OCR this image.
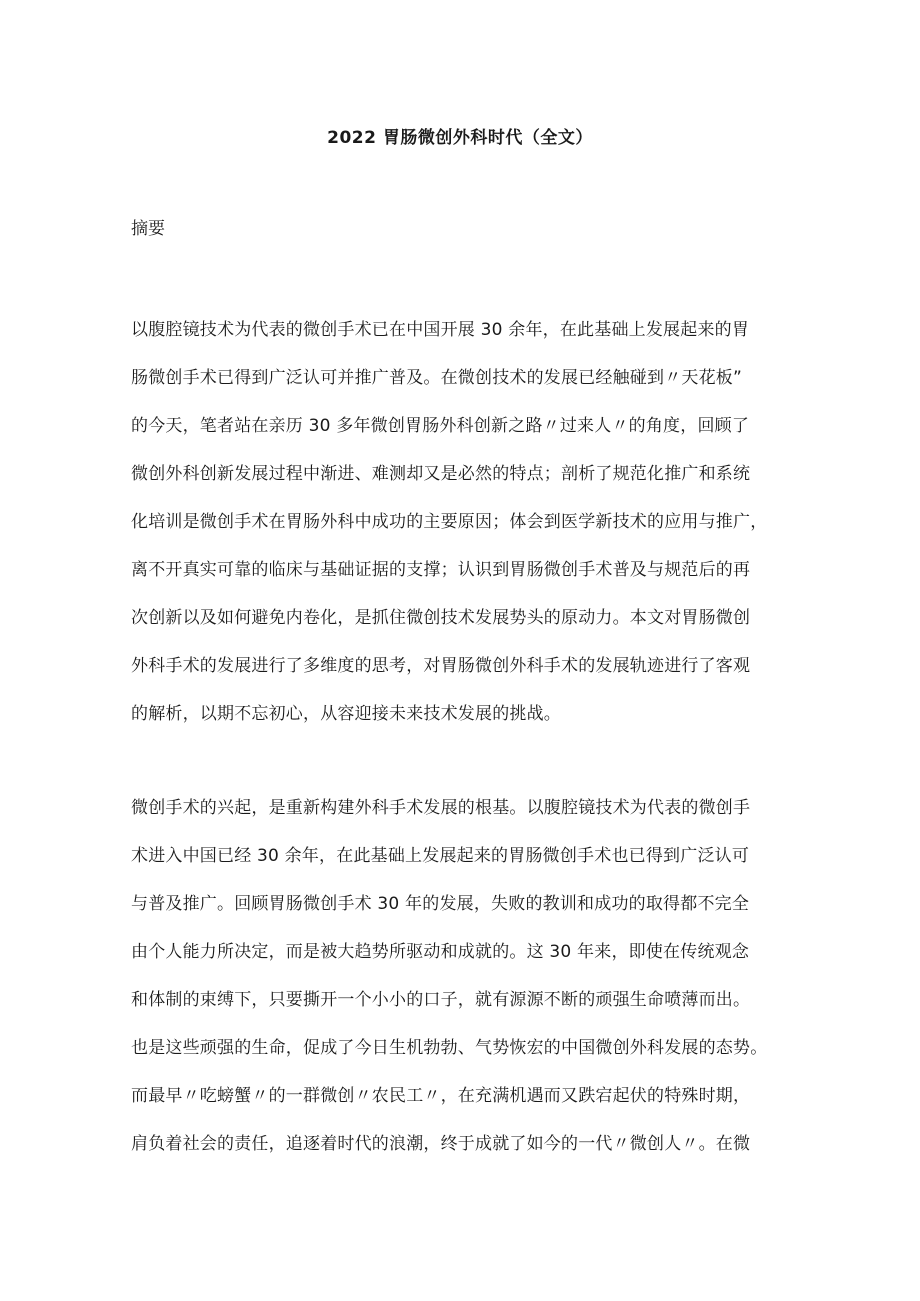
2022 胃肠微创外科时代（全文）
摘要
以腹腔镜技术为代表的微创手术已在中国开展 30 余年，在此基础上发展起来的胃
肠微创手术已得到广泛认可并推广普及。在微创技术的发展已经触碰到〃天花板”
的今天，笔者站在亲历 30 多年微创胃肠外科创新之路〃过来人〃的角度，回顾了
微创外科创新发展过程中渐进、难测却又是必然的特点；剖析了规范化推广和系统
化培训是微创手术在胃肠外科中成功的主要原因；体会到医学新技术的应用与推广，
离不开真实可靠的临床与基础证据的支撑；认识到胃肠微创手术普及与规范后的再
次创新以及如何避免内卷化，是抓住微创技术发展势头的原动力。本文对胃肠微创
外科手术的发展进行了多维度的思考，对胃肠微创外科手术的发展轨迹进行了客观
的解析，以期不忘初心，从容迎接未来技术发展的挑战。
微创手术的兴起，是重新构建外科手术发展的根基。以腹腔镜技术为代表的微创手
术进入中国已经 30 余年，在此基础上发展起来的胃肠微创手术也已得到广泛认可
与普及推广。回顾胃肠微创手术 30 年的发展，失败的教训和成功的取得都不完全
由个人能力所决定，而是被大趋势所驱动和成就的。这 30 年来，即使在传统观念
和体制的束缚下，只要撕开一个小小的口子，就有源源不断的顽强生命喷薄而出。
也是这些顽强的生命，促成了今日生机勃勃、气势恢宏的中国微创外科发展的态势。
而最早〃吃螃蟹〃的一群微创〃农民工〃，在充满机遇而又跌宕起伏的特殊时期，
肩负着社会的责任，追逐着时代的浪潮，终于成就了如今的一代〃微创人〃。在微
